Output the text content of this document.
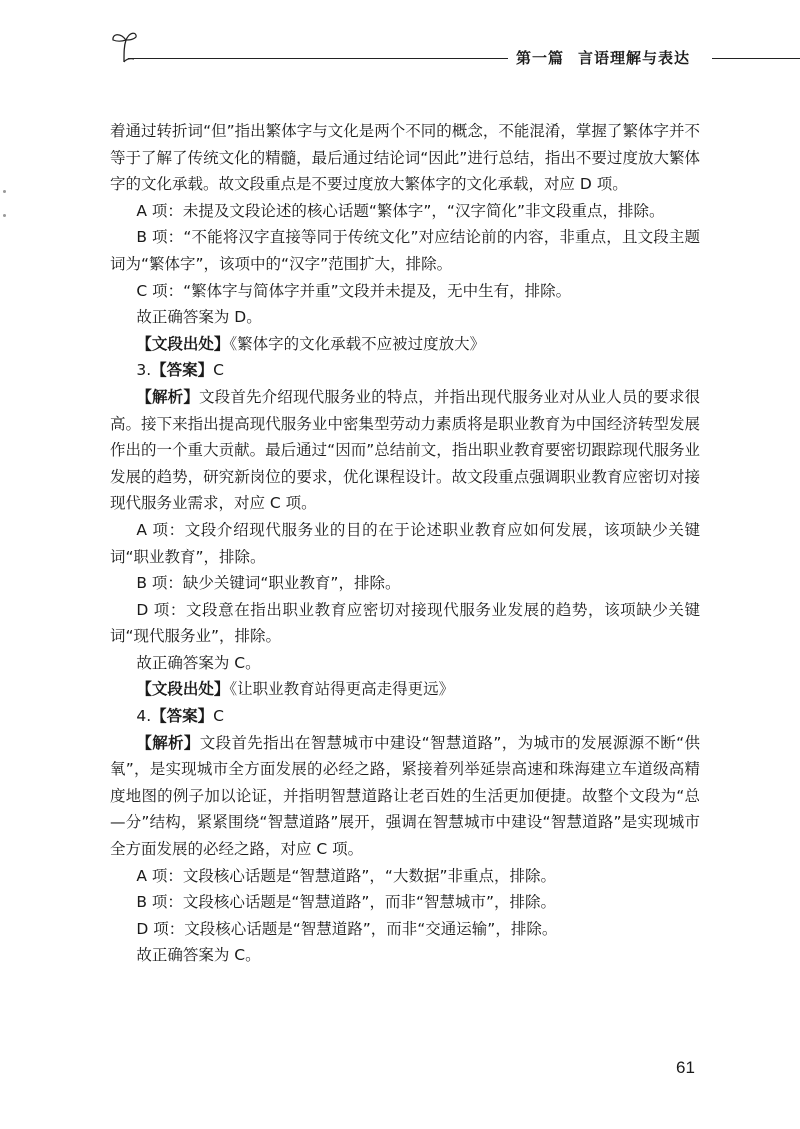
第一篇 言语理解与表达

着通过转折词“但”指出繁体字与文化是两个不同的概念，不能混淆，掌握了繁体字并不等于了解了传统文化的精髓，最后通过结论词“因此”进行总结，指出不要过度放大繁体字的文化承载。故文段重点是不要过度放大繁体字的文化承载，对应 D 项。

A 项：未提及文段论述的核心话题“繁体字”，“汉字简化”非文段重点，排除。

B 项：“不能将汉字直接等同于传统文化”对应结论前的内容，非重点，且文段主题词为“繁体字”，该项中的“汉字”范围扩大，排除。

C 项：“繁体字与简体字并重”文段并未提及，无中生有，排除。

故正确答案为 D。

【文段出处】《繁体字的文化承载不应被过度放大》

3.【答案】C

【解析】文段首先介绍现代服务业的特点，并指出现代服务业对从业人员的要求很高。接下来指出提高现代服务业中密集型劳动力素质将是职业教育为中国经济转型发展作出的一个重大贡献。最后通过“因而”总结前文，指出职业教育要密切跟踪现代服务业发展的趋势，研究新岗位的要求，优化课程设计。故文段重点强调职业教育应密切对接现代服务业需求，对应 C 项。

A 项：文段介绍现代服务业的目的在于论述职业教育应如何发展，该项缺少关键词“职业教育”，排除。

B 项：缺少关键词“职业教育”，排除。

D 项：文段意在指出职业教育应密切对接现代服务业发展的趋势，该项缺少关键词“现代服务业”，排除。

故正确答案为 C。

【文段出处】《让职业教育站得更高走得更远》

4.【答案】C

【解析】文段首先指出在智慧城市中建设“智慧道路”，为城市的发展源源不断“供氧”，是实现城市全方面发展的必经之路，紧接着列举延崇高速和珠海建立车道级高精度地图的例子加以论证，并指明智慧道路让老百姓的生活更加便捷。故整个文段为“总—分”结构，紧紧围绕“智慧道路”展开，强调在智慧城市中建设“智慧道路”是实现城市全方面发展的必经之路，对应 C 项。

A 项：文段核心话题是“智慧道路”，“大数据”非重点，排除。

B 项：文段核心话题是“智慧道路”，而非“智慧城市”，排除。

D 项：文段核心话题是“智慧道路”，而非“交通运输”，排除。

故正确答案为 C。

61
